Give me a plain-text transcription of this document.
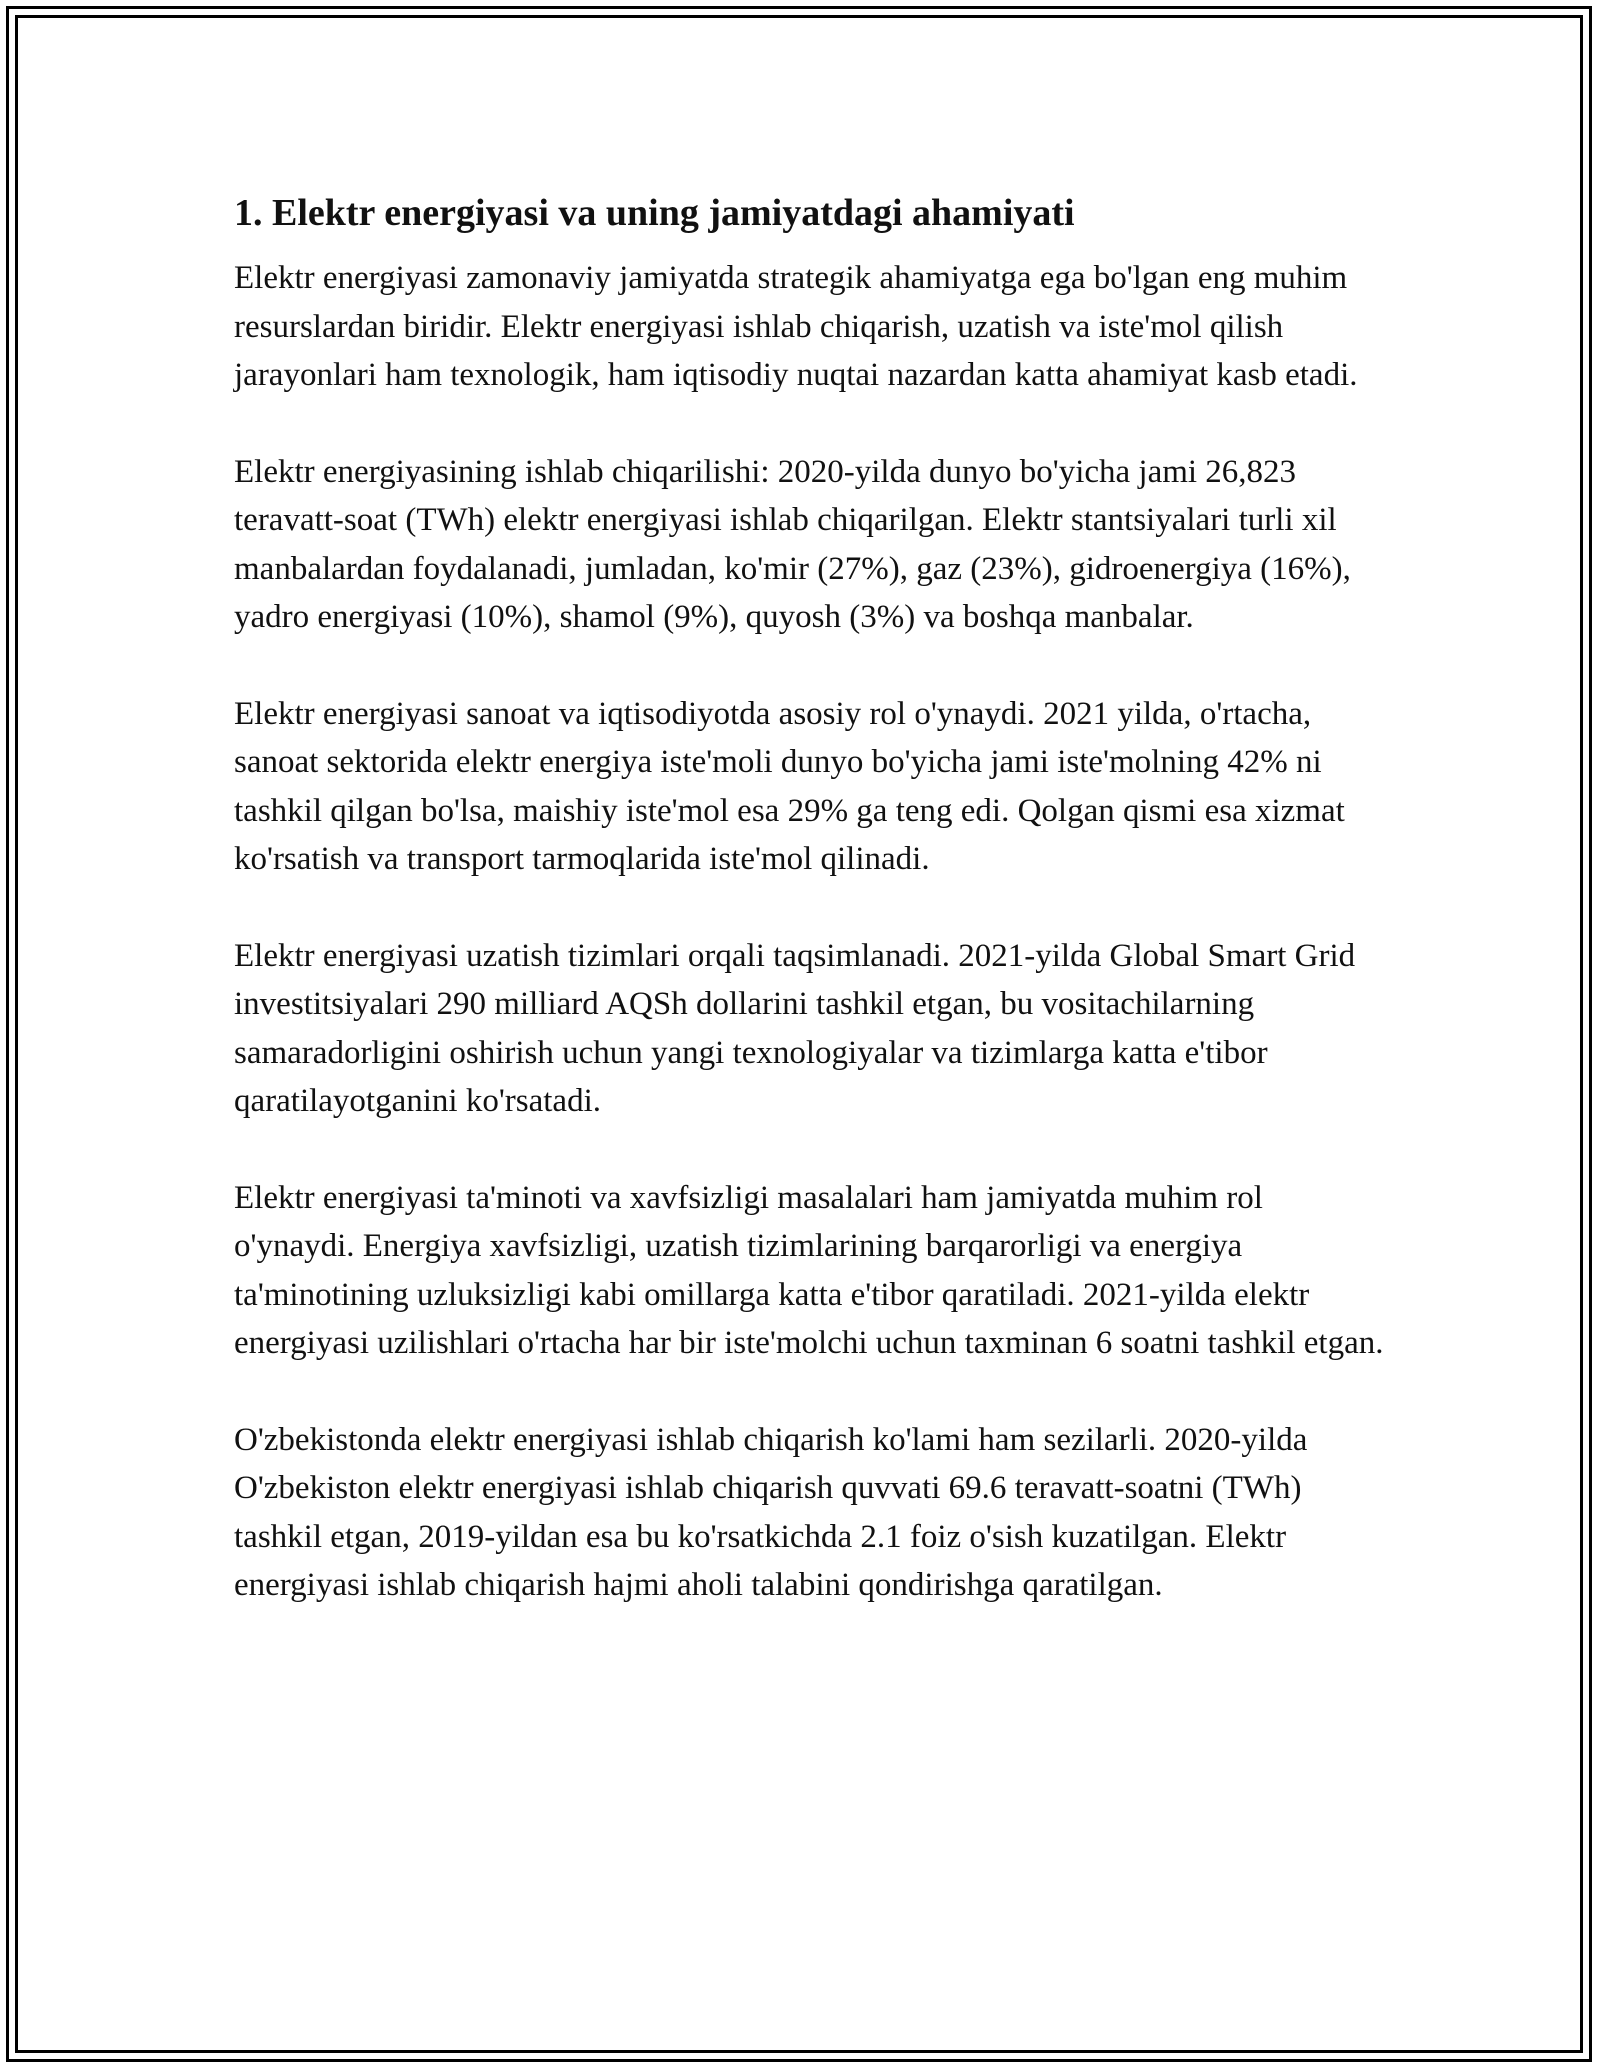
1. Elektr energiyasi va uning jamiyatdagi ahamiyati

Elektr energiyasi zamonaviy jamiyatda strategik ahamiyatga ega bo'lgan eng muhim resurslardan biridir. Elektr energiyasi ishlab chiqarish, uzatish va iste'mol qilish jarayonlari ham texnologik, ham iqtisodiy nuqtai nazardan katta ahamiyat kasb etadi.

Elektr energiyasining ishlab chiqarilishi: 2020-yilda dunyo bo'yicha jami 26,823 teravatt-soat (TWh) elektr energiyasi ishlab chiqarilgan. Elektr stantsiyalari turli xil manbalardan foydalanadi, jumladan, ko'mir (27%), gaz (23%), gidroenergiya (16%), yadro energiyasi (10%), shamol (9%), quyosh (3%) va boshqa manbalar.

Elektr energiyasi sanoat va iqtisodiyotda asosiy rol o'ynaydi. 2021 yilda, o'rtacha, sanoat sektorida elektr energiya iste'moli dunyo bo'yicha jami iste'molning 42% ni tashkil qilgan bo'lsa, maishiy iste'mol esa 29% ga teng edi. Qolgan qismi esa xizmat ko'rsatish va transport tarmoqlarida iste'mol qilinadi.

Elektr energiyasi uzatish tizimlari orqali taqsimlanadi. 2021-yilda Global Smart Grid investitsiyalari 290 milliard AQSh dollarini tashkil etgan, bu vositachilarning samaradorligini oshirish uchun yangi texnologiyalar va tizimlarga katta e'tibor qaratilayotganini ko'rsatadi.

Elektr energiyasi ta'minoti va xavfsizligi masalalari ham jamiyatda muhim rol o'ynaydi. Energiya xavfsizligi, uzatish tizimlarining barqarorligi va energiya ta'minotining uzluksizligi kabi omillarga katta e'tibor qaratiladi. 2021-yilda elektr energiyasi uzilishlari o'rtacha har bir iste'molchi uchun taxminan 6 soatni tashkil etgan.

O'zbekistonda elektr energiyasi ishlab chiqarish ko'lami ham sezilarli. 2020-yilda O'zbekiston elektr energiyasi ishlab chiqarish quvvati 69.6 teravatt-soatni (TWh) tashkil etgan, 2019-yildan esa bu ko'rsatkichda 2.1 foiz o'sish kuzatilgan. Elektr energiyasi ishlab chiqarish hajmi aholi talabini qondirishga qaratilgan.
